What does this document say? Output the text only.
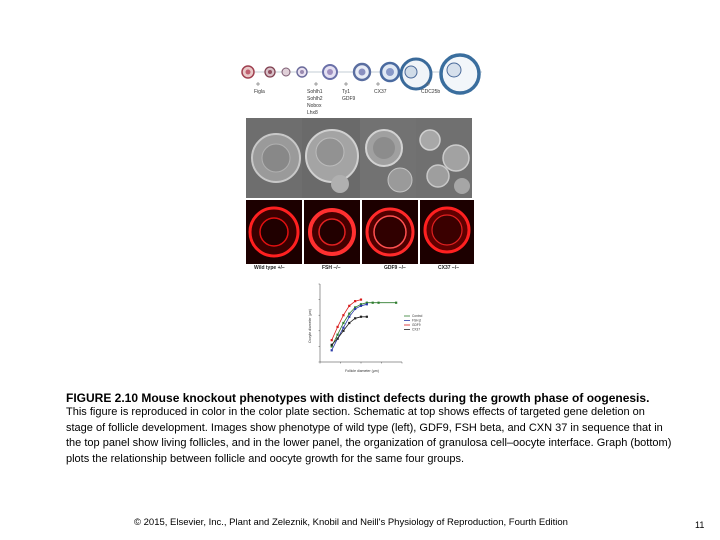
Figla	Sohlh1
Sohlh2
Nobox
Lhx8
Ty1
GDF9
CX37	CDC25b
Wild type +/−	FSH −/−	GDF9 −/−	CX37 −/−
Control
FSH β
GDF9
CX37
Oocyte diameter (µm)
Follicle diameter (µm)
FIGURE 2.10 Mouse knockout phenotypes with distinct defects during the growth phase of oogenesis.
This figure is reproduced in color in the color plate section. Schematic at top shows effects of targeted gene deletion on stage of follicle development. Images show phenotype of wild type (left), GDF9, FSH beta, and CXN 37 in sequence that in the top panel show living follicles, and in the lower panel, the organization of granulosa cell–oocyte interface. Graph (bottom) plots the relationship between follicle and oocyte growth for the same four groups.
© 2015, Elsevier, Inc., Plant and Zeleznik, Knobil and Neill's Physiology of Reproduction, Fourth Edition	11
